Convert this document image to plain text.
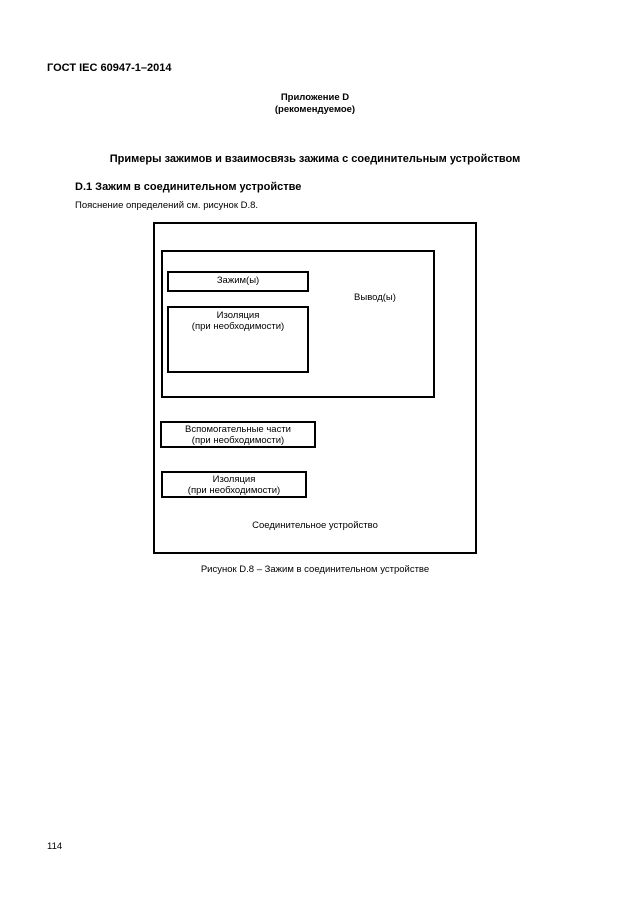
ГОСТ IEC 60947-1–2014
Приложение D
(рекомендуемое)
Примеры зажимов и взаимосвязь зажима с соединительным устройством
D.1 Зажим в соединительном устройстве
Пояснение определений см. рисунок D.8.
Зажим(ы)
Изоляция
(при необходимости)
Вывод(ы)
Вспомогательные части
(при необходимости)
Изоляция
(при необходимости)
Соединительное устройство
Рисунок D.8 – Зажим в соединительном устройстве
114
